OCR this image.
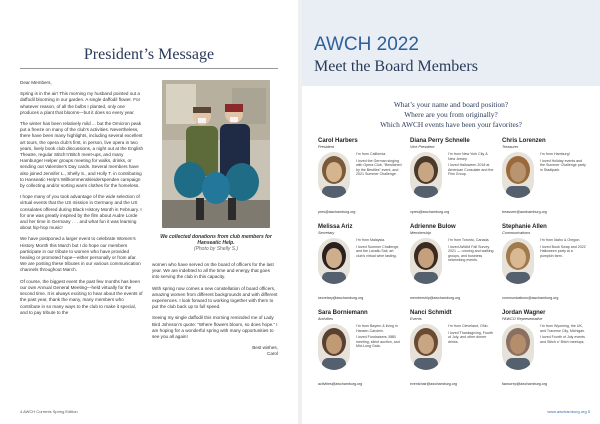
President’s Message

Dear Members,

Spring is in the air! This morning my husband pointed out a daffodil blooming in our garden. A single daffodil flower. For whatever reason, of all the bulbs I planted, only one produces a plant that blooms—but it does so every year.

The winter has been relatively mild ... but the Omicron peak put a freeze on many of the club’s activities. Nevertheless, there have been many highlights, including several excellent art tours, the opera club’s first, in person, live opera in two years, lively book club discussions, a night out at the English Theatre, regular Stitch’n’Bitch meet-ups, and many Hamburger Helper groups meeting for walks, drinks, or sending out Valentine’s Day cards. Several members have also joined Jennifer L., Shelly S., and Holly T. in contributing to Hanseatic Help’s Willkommenskleiderspenden campaign by collecting and/or sorting warm clothes for the homeless.

I hope many of you took advantage of the wide selection of virtual events that the US mission in Germany and the US consulates offered during Black History Month in February. I for one was greatly inspired by the film about Audre Lorde and her time in Germany . . . and what fun it was learning about hip-hop music!

We have postponed a larger event to celebrate Women’s History Month this March but I do hope our members participate in our tribute to women who have provided healing or promoted hope—either personally or from afar. We are posting these tributes in our various communication channels throughout March.

Of course, the biggest event the past few months has been our own Annual General Meeting—held virtually for the second time. It is always exciting to hear about the events of the past year, thank the many, many members who contribute in so many ways to the club to make it special, and to pay tribute to the

We collected donations from club members for Hanseatic Help.
(Photo by Shelly S.)

women who have served on the board of officers for the last year. We are indebted to all the time and energy that goes into serving the club in this capacity.

With spring now comes a new constellation of board officers, amazing women from different backgrounds and with different experiences. I look forward to working together with them to put the club back up to full speed.

Seeing my single daffodil this morning reminded me of Lady Bird Johnson’s quote: “Where flowers bloom, so does hope.” I am hoping for a wonderful spring with many opportunities to see you all again!

Best wishes,
Carol

4 AWCH Currents Spring Edition
AWCH 2022
Meet the Board Members
What’s your name and board position?
Where are you from originally?
Which AWCH events have been your favorites?
Carol Harbers
President

I’m from California.

I loved the German singing with Opera Club, “Bewitched by the Bestiles” event, and 2021 Summer Challenge.

pres@awchamburg.org
Diana Perry Schnelle
Vice President

I’m from New York City & New Jersey.

I loved Halloween 2018 at American Consulate and the Film Group.

vpres@awchamburg.org
Chris Lorenzen
Treasurer

I’m from Hamburg!

I loved Holiday events and the Summer Challenge party in Stadtpark.

treasurer@awchamburg.org
Melissa Ariz
Secretary

I’m from Malaysia.

I loved Summer Challenge, and the Lavaliu Sail, art club’s virtual wine tasting.

secretary@awchamburg.org
Adrienne Bulow
Membership

I’m from Toronto, Canada.

I loved AWAM Fall Survey 2021 — running and walking groups, and business networking events.

membership@awchamburg.org
Stephanie Allen
Communications

I’m from Idaho & Oregon.

I loved Book Swap and 2022 Halloween party at a pumpkin farm.

communications@awchamburg.org
Sara Borniemann
Activities

I’m from Bayern & living in Hansen-Carolein.

I loved Fundraisers, BBB meeting, silent auction, and Mid-Long Gala.

activities@awchamburg.org
Nanci Schmidt
Events

I’m from Cleveland, Ohio.

I loved Thanksgiving, Fourth of July, and other dinner drinks.

eventchair@awchamburg.org
Jordan Wagner
FAWCO Representative

I’m from Wyoming, the UK, and Traverse City, Michigan.

I loved Fourth of July events and Stitch n’ Bitch meetups.

fawcorep@awchamburg.org
www.awchamburg.org 5
